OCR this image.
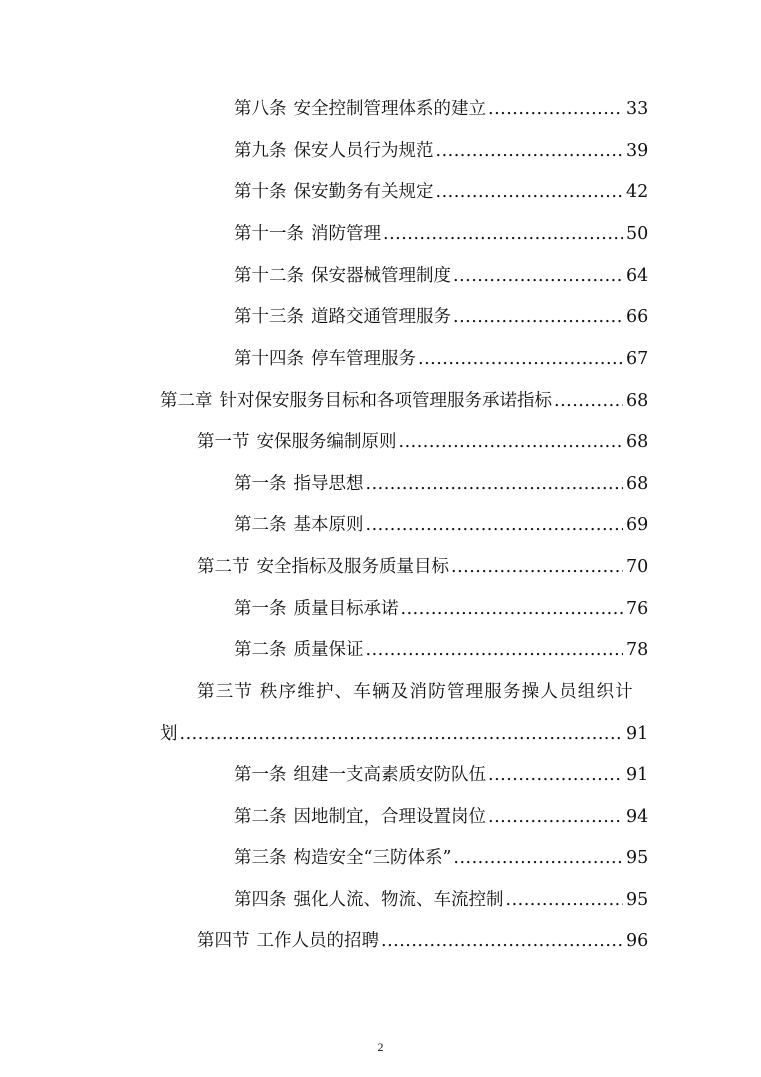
第八条 安全控制管理体系的建立 .....	33
第九条 保安人员行为规范 .....	39
第十条 保安勤务有关规定 .....	42
第十一条 消防管理 .....	50
第十二条 保安器械管理制度 .....	64
第十三条 道路交通管理服务 .....	66
第十四条 停车管理服务 .....	67
第二章 针对保安服务目标和各项管理服务承诺指标 .....	68
第一节 安保服务编制原则 .....	68
第一条 指导思想 .....	68
第二条 基本原则 .....	69
第二节 安全指标及服务质量目标 .....	70
第一条 质量目标承诺 .....	76
第二条 质量保证 .....	78
第三节 秩序维护、车辆及消防管理服务操人员组织计
划 .....	91
第一条 组建一支高素质安防队伍 .....	91
第二条 因地制宜，合理设置岗位 .....	94
第三条 构造安全“三防体系” .....	95
第四条 强化人流、物流、车流控制 .....	95
第四节 工作人员的招聘 .....	96
2
